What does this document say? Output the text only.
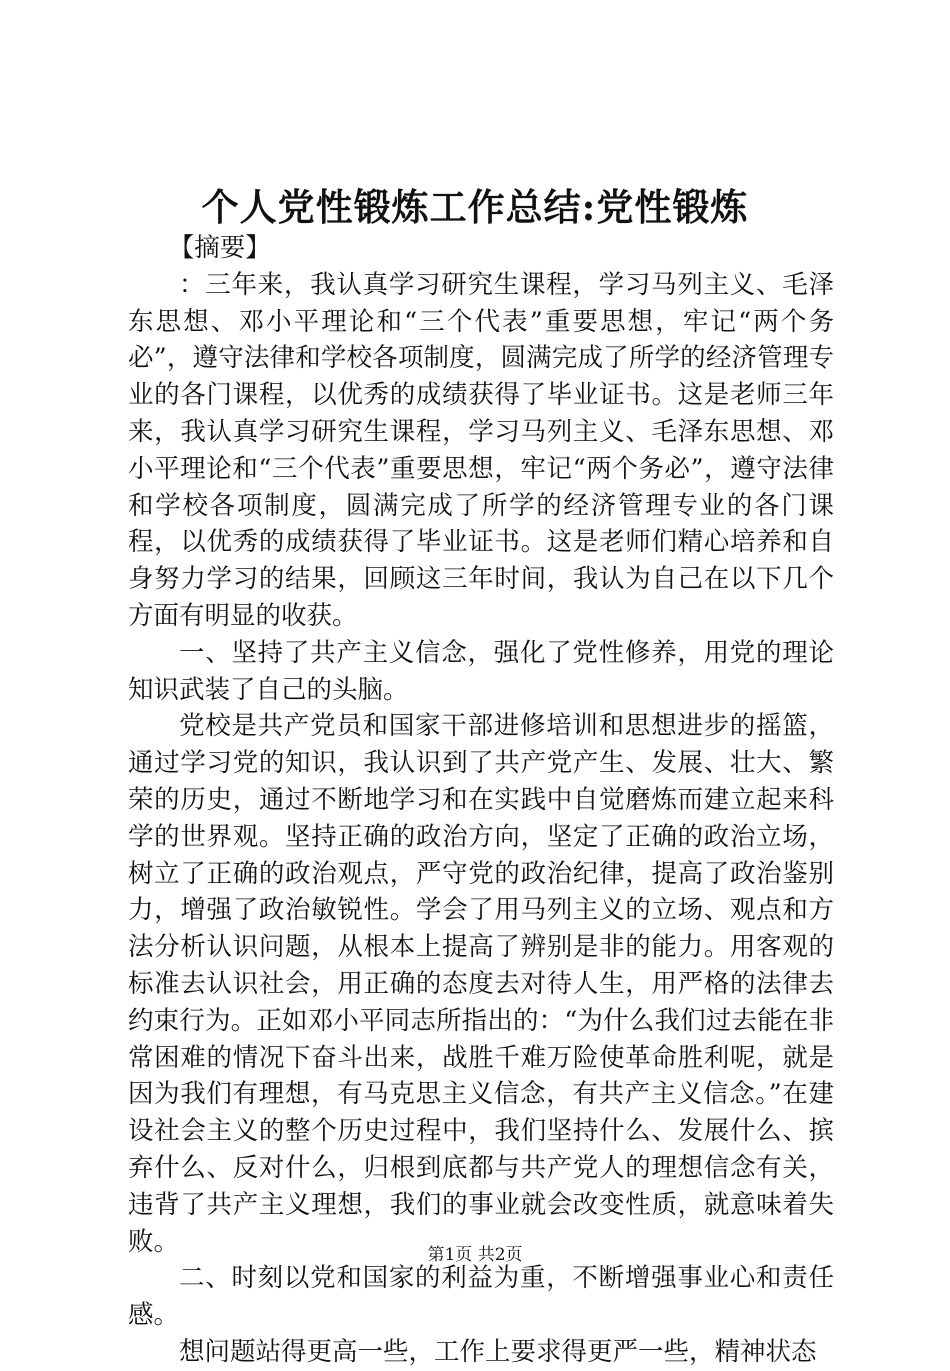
个人党性锻炼工作总结:党性锻炼

【摘要】

：三年来，我认真学习研究生课程，学习马列主义、毛泽东思想、邓小平理论和“三个代表”重要思想，牢记“两个务必”，遵守法律和学校各项制度，圆满完成了所学的经济管理专业的各门课程，以优秀的成绩获得了毕业证书。这是老师三年来，我认真学习研究生课程，学习马列主义、毛泽东思想、邓小平理论和“三个代表”重要思想，牢记“两个务必”，遵守法律和学校各项制度，圆满完成了所学的经济管理专业的各门课程，以优秀的成绩获得了毕业证书。这是老师们精心培养和自身努力学习的结果，回顾这三年时间，我认为自己在以下几个方面有明显的收获。

一、坚持了共产主义信念，强化了党性修养，用党的理论知识武装了自己的头脑。

党校是共产党员和国家干部进修培训和思想进步的摇篮，通过学习党的知识，我认识到了共产党产生、发展、壮大、繁荣的历史，通过不断地学习和在实践中自觉磨炼而建立起来科学的世界观。坚持正确的政治方向，坚定了正确的政治立场，树立了正确的政治观点，严守党的政治纪律，提高了政治鉴别力，增强了政治敏锐性。学会了用马列主义的立场、观点和方法分析认识问题，从根本上提高了辨别是非的能力。用客观的标准去认识社会，用正确的态度去对待人生，用严格的法律去约束行为。正如邓小平同志所指出的：“为什么我们过去能在非常困难的情况下奋斗出来，战胜千难万险使革命胜利呢，就是因为我们有理想，有马克思主义信念，有共产主义信念。”在建设社会主义的整个历史过程中，我们坚持什么、发展什么、摈弃什么、反对什么，归根到底都与共产党人的理想信念有关，违背了共产主义理想，我们的事业就会改变性质，就意味着失败。

二、时刻以党和国家的利益为重，不断增强事业心和责任感。

想问题站得更高一些，工作上要求得更严一些，精神状态

第1页 共2页
